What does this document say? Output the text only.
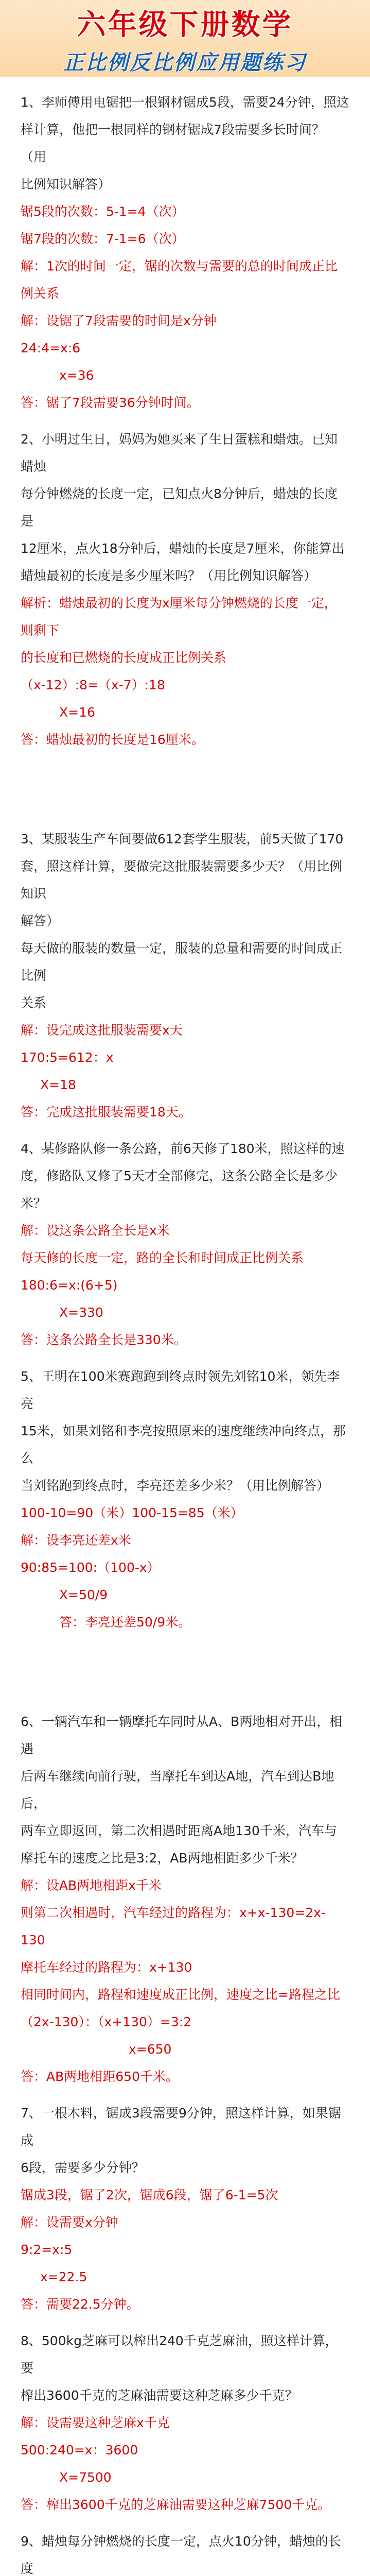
六年级下册数学
正比例反比例应用题练习
1、李师傅用电锯把一根钢材锯成5段，需要24分钟，照这
样计算，他把一根同样的钢材锯成7段需要多长时间？（用
比例知识解答）
锯5段的次数：5-1=4（次）
锯7段的次数：7-1=6（次）
解：1次的时间一定，锯的次数与需要的总的时间成正比例关系
解：设锯了7段需要的时间是x分钟
24:4=x:6
x=36
答：锯了7段需要36分钟时间。
2、小明过生日，妈妈为她买来了生日蛋糕和蜡烛。已知蜡烛
每分钟燃烧的长度一定，已知点火8分钟后，蜡烛的长度是
12厘米，点火18分钟后，蜡烛的长度是7厘米，你能算出
蜡烛最初的长度是多少厘米吗？（用比例知识解答）
解析：蜡烛最初的长度为x厘米每分钟燃烧的长度一定，则剩下
的长度和已燃烧的长度成正比例关系
（x-12）:8=（x-7）:18
X=16
答：蜡烛最初的长度是16厘米。
3、某服装生产车间要做612套学生服装，前5天做了170
套，照这样计算，要做完这批服装需要多少天？（用比例知识
解答）
每天做的服装的数量一定，服装的总量和需要的时间成正比例
关系
解：设完成这批服装需要x天
170:5=612：x
X=18
答：完成这批服装需要18天。
4、某修路队修一条公路，前6天修了180米，照这样的速
度，修路队又修了5天才全部修完，这条公路全长是多少米？
解：设这条公路全长是x米
每天修的长度一定，路的全长和时间成正比例关系
180:6=x:(6+5)
X=330
答：这条公路全长是330米。
5、王明在100米赛跑跑到终点时领先刘铭10米，领先李亮
15米，如果刘铭和李亮按照原来的速度继续冲向终点，那么
当刘铭跑到终点时，李亮还差多少米？（用比例解答）
100-10=90（米）100-15=85（米）
解：设李亮还差x米
90:85=100:（100-x）
X=50/9
答：李亮还差50/9米。
6、一辆汽车和一辆摩托车同时从A、B两地相对开出，相遇
后两车继续向前行驶，当摩托车到达A地，汽车到达B地后，
两车立即返回，第二次相遇时距离A地130千米，汽车与
摩托车的速度之比是3:2，AB两地相距多少千米？
解：设AB两地相距x千米
则第二次相遇时，汽车经过的路程为：x+x-130=2x-130
摩托车经过的路程为：x+130
相同时间内，路程和速度成正比例，速度之比=路程之比
（2x-130）：（x+130）=3:2
x=650
答：AB两地相距650千米。
7、一根木料，锯成3段需要9分钟，照这样计算，如果锯成
6段，需要多少分钟？
锯成3段，锯了2次，锯成6段，锯了6-1=5次
解：设需要x分钟
9:2=x:5
x=22.5
答：需要22.5分钟。
8、500kg芝麻可以榨出240千克芝麻油，照这样计算，要
榨出3600千克的芝麻油需要这种芝麻多少千克？
解：设需要这种芝麻x千克
500:240=x：3600
X=7500
答：榨出3600千克的芝麻油需要这种芝麻7500千克。
9、蜡烛每分钟燃烧的长度一定，点火10分钟，蜡烛的长度
